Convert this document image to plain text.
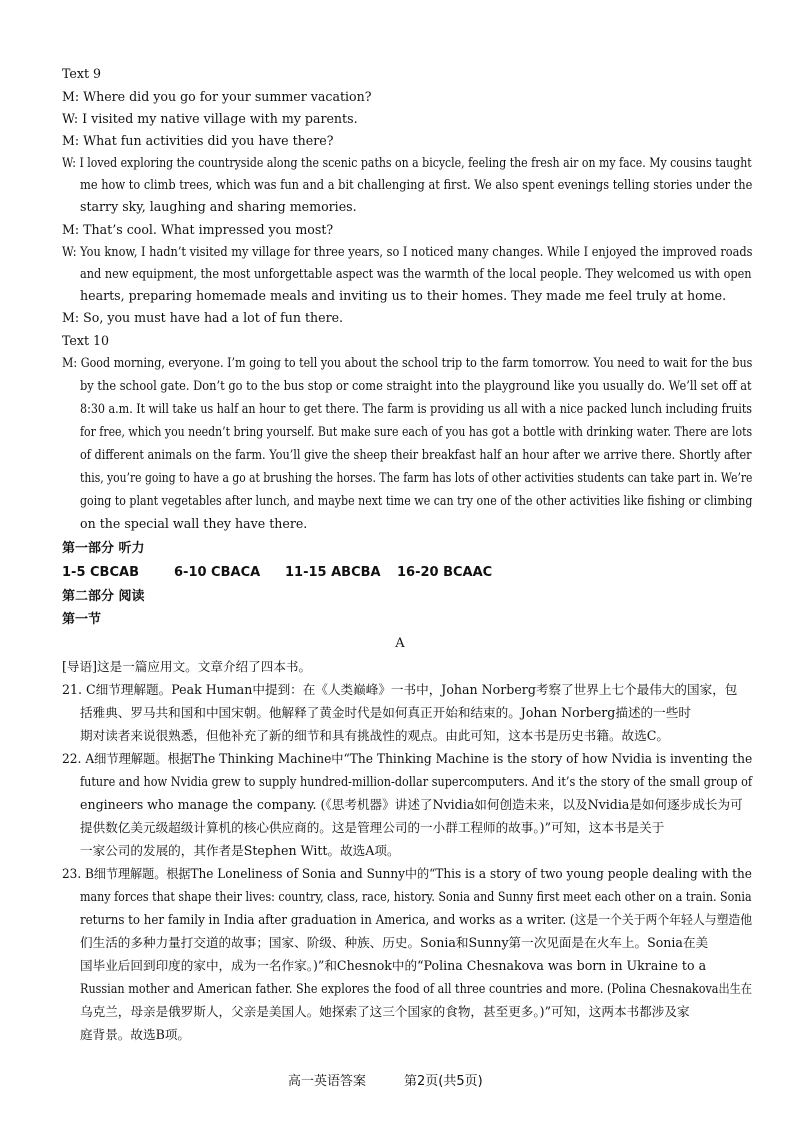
Text 9
M: Where did you go for your summer vacation?
W: I visited my native village with my parents.
M: What fun activities did you have there?
W: I loved exploring the countryside along the scenic paths on a bicycle, feeling the fresh air on my face. My cousins taught
me how to climb trees, which was fun and a bit challenging at first. We also spent evenings telling stories under the
starry sky, laughing and sharing memories.
M: That’s cool. What impressed you most?
W: You know, I hadn’t visited my village for three years, so I noticed many changes. While I enjoyed the improved roads
and new equipment, the most unforgettable aspect was the warmth of the local people. They welcomed us with open
hearts, preparing homemade meals and inviting us to their homes. They made me feel truly at home.
M: So, you must have had a lot of fun there.
Text 10
M: Good morning, everyone. I’m going to tell you about the school trip to the farm tomorrow. You need to wait for the bus
by the school gate. Don’t go to the bus stop or come straight into the playground like you usually do. We’ll set off at
8:30 a.m. It will take us half an hour to get there. The farm is providing us all with a nice packed lunch including fruits
for free, which you needn’t bring yourself. But make sure each of you has got a bottle with drinking water. There are lots
of different animals on the farm. You’ll give the sheep their breakfast half an hour after we arrive there. Shortly after
this, you’re going to have a go at brushing the horses. The farm has lots of other activities students can take part in. We’re
going to plant vegetables after lunch, and maybe next time we can try one of the other activities like fishing or climbing
on the special wall they have there.
第一部分 听力
1-5 CBCAB	6-10 CBACA 11-15 ABCBA 16-20 BCAAC
第二部分 阅读
第一节
A
[导语]这是一篇应用文。文章介绍了四本书。
21. C细节理解题。Peak Human中提到：在《人类巅峰》一书中，Johan Norberg考察了世界上七个最伟大的国家，包
括雅典、罗马共和国和中国宋朝。他解释了黄金时代是如何真正开始和结束的。Johan Norberg描述的一些时
期对读者来说很熟悉，但他补充了新的细节和具有挑战性的观点。由此可知，这本书是历史书籍。故选C。
22. A细节理解题。根据The Thinking Machine中“The Thinking Machine is the story of how Nvidia is inventing the
future and how Nvidia grew to supply hundred-million-dollar supercomputers. And it’s the story of the small group of
engineers who manage the company. (《思考机器》讲述了Nvidia如何创造未来，以及Nvidia是如何逐步成长为可
提供数亿美元级超级计算机的核心供应商的。这是管理公司的一小群工程师的故事。)”可知，这本书是关于
一家公司的发展的，其作者是Stephen Witt。故选A项。
23. B细节理解题。根据The Loneliness of Sonia and Sunny中的“This is a story of two young people dealing with the
many forces that shape their lives: country, class, race, history. Sonia and Sunny first meet each other on a train. Sonia
returns to her family in India after graduation in America, and works as a writer. (这是一个关于两个年轻人与塑造他
们生活的多种力量打交道的故事；国家、阶级、种族、历史。Sonia和Sunny第一次见面是在火车上。Sonia在美
国毕业后回到印度的家中，成为一名作家。)”和Chesnok中的“Polina Chesnakova was born in Ukraine to a
Russian mother and American father. She explores the food of all three countries and more. (Polina Chesnakova出生在
乌克兰，母亲是俄罗斯人，父亲是美国人。她探索了这三个国家的食物，甚至更多。)”可知，这两本书都涉及家
庭背景。故选B项。
高一英语答案	第2页(共5页)
